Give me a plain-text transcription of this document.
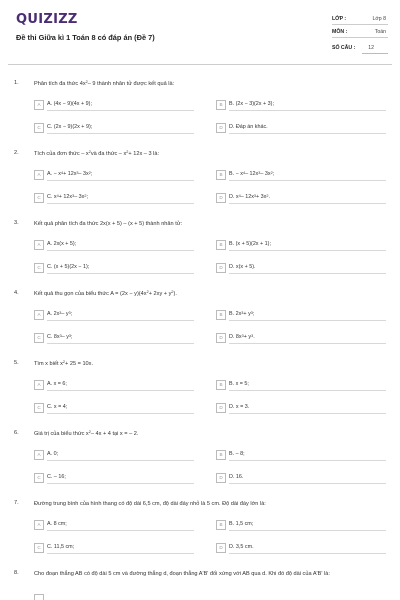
QUIZIZZ
Đề thi Giữa kì 1 Toán 8 có đáp án (Đề 7)
LỚP :	Lớp 8
MÔN :	Toán
SỐ CÂU : 12
1.	Phân tích đa thức $4x^2-$ 9 thành nhân tử được kết quả là:
A	A. (4x − 9)(4x + 9);	B	B. (2x − 3)(2x + 3);
C	C. (2x − 9)(2x + 9);	D	D. Đáp án khác.
2.	Tích của đơn thức – $x^2và$ đa thức – $x^2+ 12x - 3$ là:
A	A. − $x^4+ 12x^3-$ $3x^2$;	B	B. − $x^4-$ $12x^3-$ $3x^2$;
C	C. $x^4+ 12x^3-$ $3x^2$;	D	D. $x^4-$ $12x^3+ 3x^2$.
3.	Kết quả phân tích đa thức 2x(x + 5) – (x + 5) thành nhân tử:
A	A. 2x(x + 5);	B	B. (x + 5)(2x + 1);
C	C. (x + 5)(2x − 1);	D	D. x(x + 5).
4.	Kết quả thu gọn của biểu thức $A = (2x - y)(4x^2+ 2xy + y^2)$.
A	A. $2x^3-$ $y^3$;	B	B. $2x^3+ y^3$;
C	C. $8x^3-$ $y^3$;	D	D. $8x^3+ y^3$.
5.	Tìm x biết $x^2+ 25 = 10x$.
A	A. x = 6;	B	B. x = 5;
C	C. x = 4;	D	D. x = 3.
6.	Giá trị của biểu thức $x^2-$ 4x + 4 tại x = – 2.
A	A. 0;	B	B. – 8;
C	C. – 16;	D	D. 16.
7.	Đường trung bình của hình thang có độ dài 6,5 cm, độ dài đáy nhỏ là 5 cm. Độ dài đáy lớn là:
A	A. 8 cm;	B	B. 1,5 cm;
C	C. 11,5 cm;	D	D. 3,5 cm.
8.	Cho đoạn thẳng AB có độ dài 5 cm và đường thẳng d, đoạn thẳng A'B' đối xứng với AB qua d. Khi đó độ dài của A'B' là:
